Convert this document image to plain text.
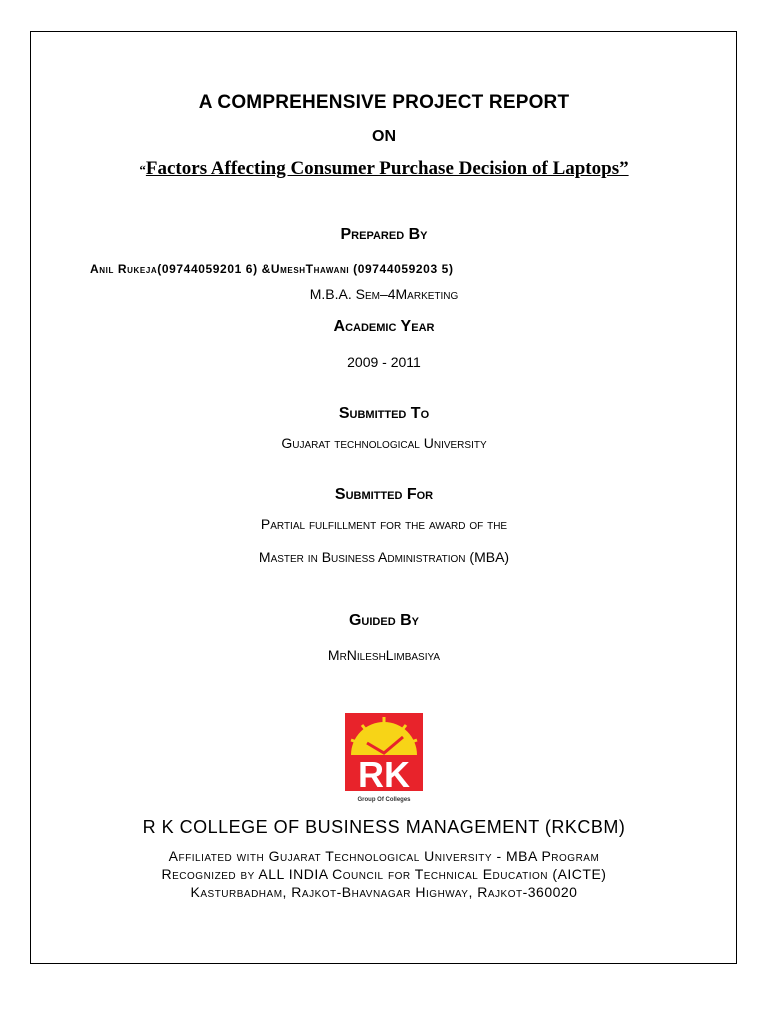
A COMPREHENSIVE PROJECT REPORT
ON
“Factors Affecting Consumer Purchase Decision of Laptops”
Prepared By
Anil Rukeja(09744059201 6) &UmeshThawani (09744059203 5)
M.B.A. Sem–4Marketing
Academic Year
2009 - 2011
Submitted To
Gujarat technological University
Submitted For
Partial fulfillment for the award of the
Master in Business Administration (MBA)
Guided By
MrNileshLimbasiya
RK
Group Of Colleges
R K COLLEGE OF BUSINESS MANAGEMENT (RKCBM)
Affiliated with Gujarat Technological University - MBA Program
Recognized by ALL INDIA Council for Technical Education (AICTE)
Kasturbadham, Rajkot-Bhavnagar Highway, Rajkot-360020
